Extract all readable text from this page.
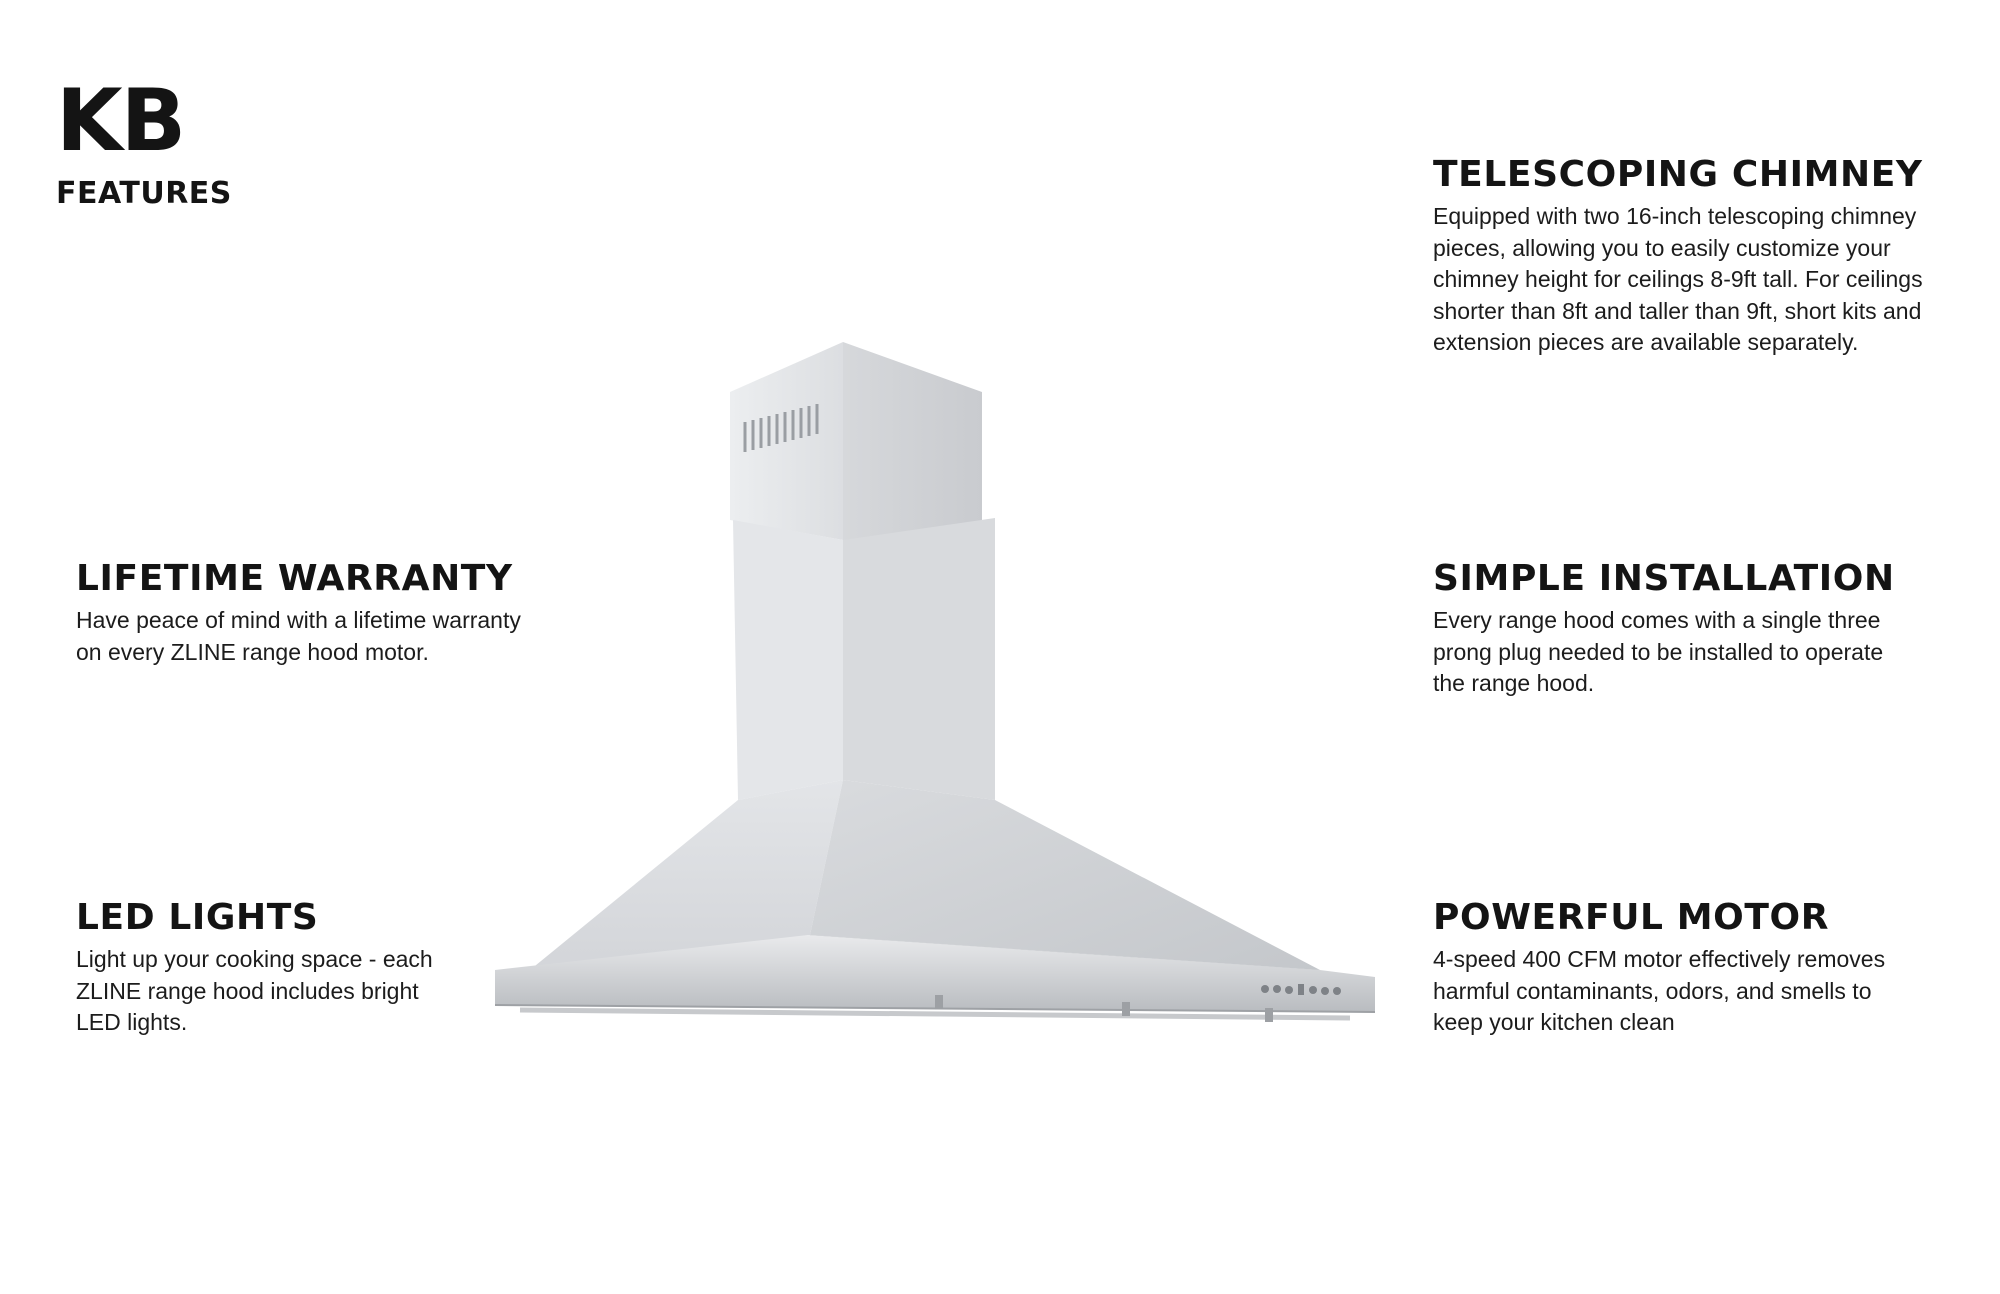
KB
FEATURES	TELESCOPING CHIMNEY

Equipped with two 16-inch telescoping chimney pieces, allowing you to easily customize your chimney height for ceilings 8-9ft tall. For ceilings shorter than 8ft and taller than 9ft, short kits and extension pieces are available separately.

LIFETIME WARRANTY

Have peace of mind with a lifetime warranty on every ZLINE range hood motor.

SIMPLE INSTALLATION

Every range hood comes with a single three prong plug needed to be installed to operate the range hood.

LED LIGHTS

Light up your cooking space - each ZLINE range hood includes bright LED lights.

POWERFUL MOTOR

4-speed 400 CFM motor effectively removes harmful contaminants, odors, and smells to keep your kitchen clean
